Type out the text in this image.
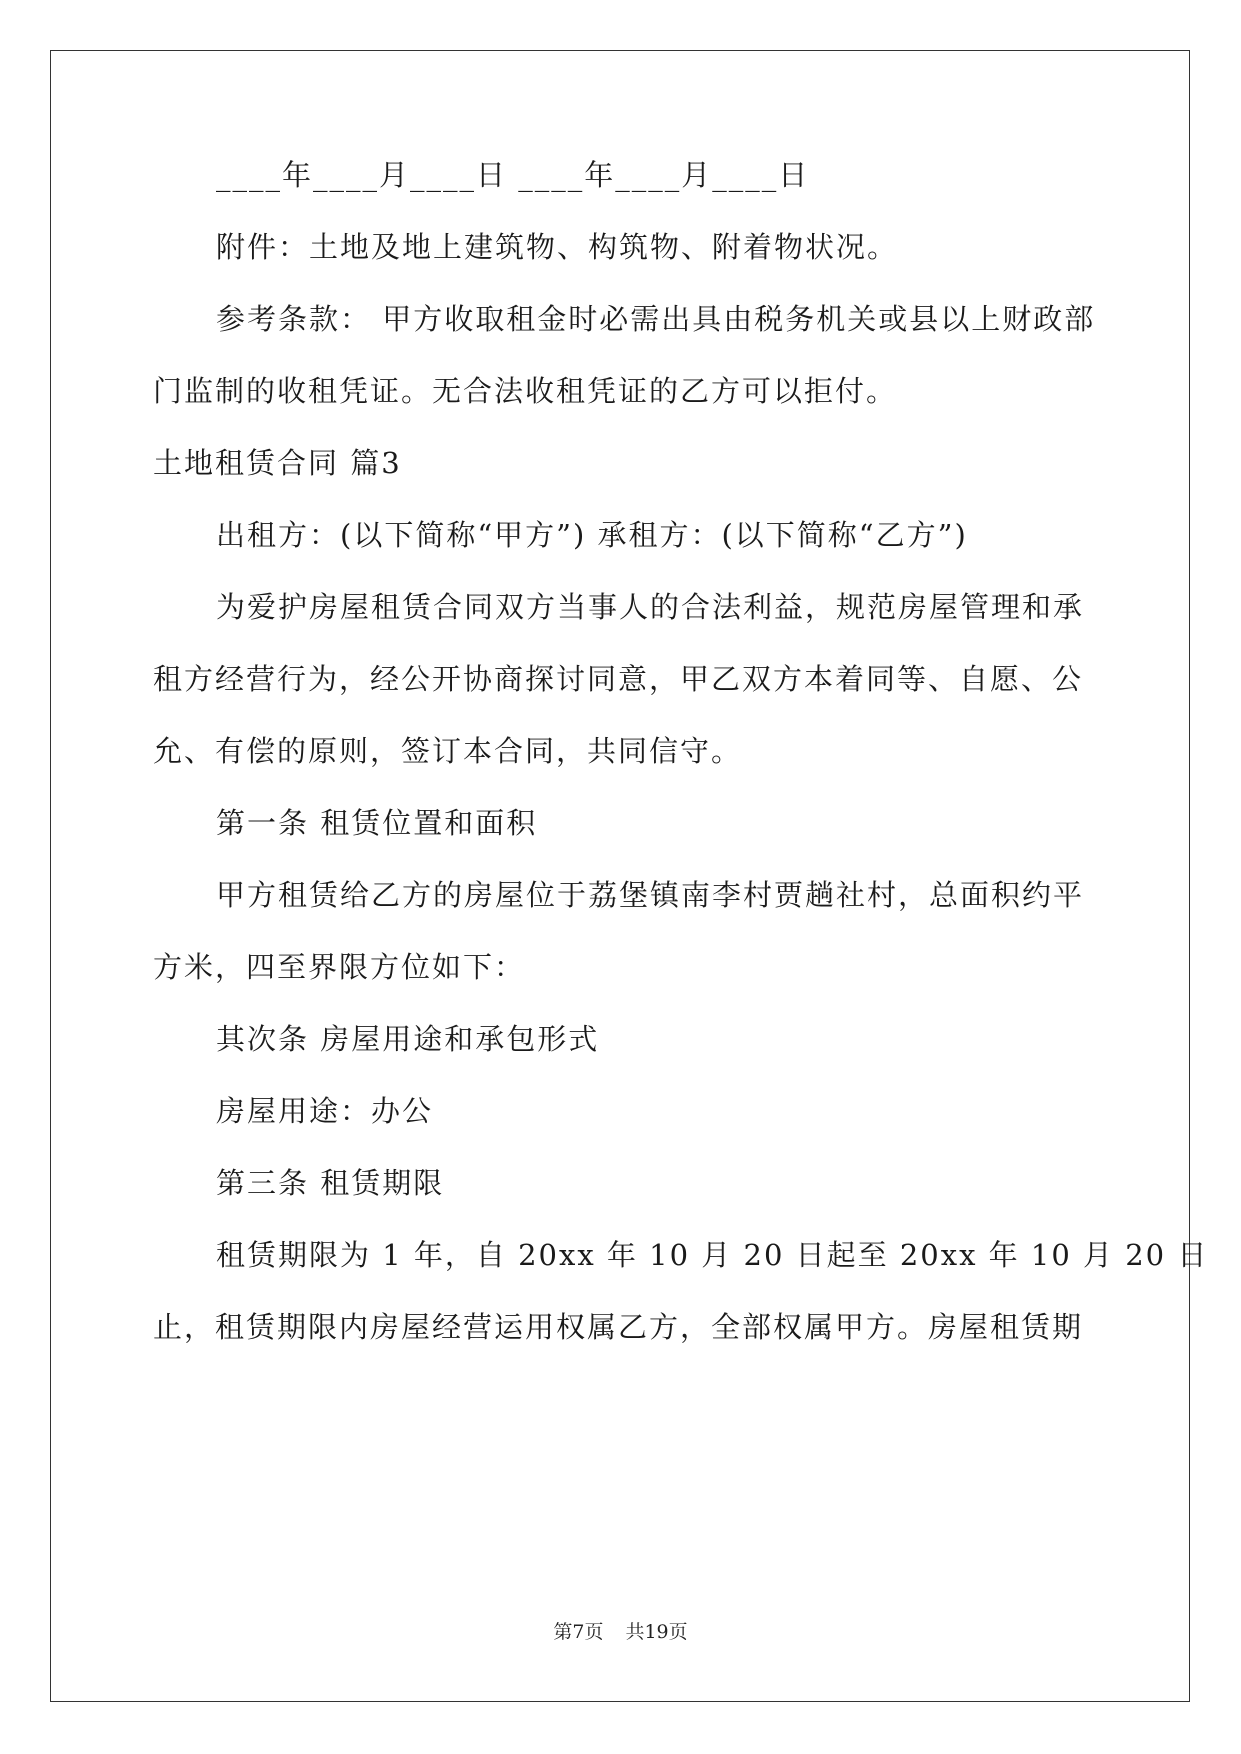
____年____月____日 ____年____月____日
附件：土地及地上建筑物、构筑物、附着物状况。
参考条款： 甲方收取租金时必需出具由税务机关或县以上财政部
门监制的收租凭证。无合法收租凭证的乙方可以拒付。
土地租赁合同 篇3
出租方：(以下简称“甲方”) 承租方：(以下简称“乙方”)
为爱护房屋租赁合同双方当事人的合法利益，规范房屋管理和承
租方经营行为，经公开协商探讨同意，甲乙双方本着同等、自愿、公
允、有偿的原则，签订本合同，共同信守。
第一条 租赁位置和面积
甲方租赁给乙方的房屋位于荔堡镇南李村贾趟社村，总面积约平
方米，四至界限方位如下：
其次条 房屋用途和承包形式
房屋用途：办公
第三条 租赁期限
租赁期限为 1 年，自 20xx 年 10 月 20 日起至 20xx 年 10 月 20 日
止，租赁期限内房屋经营运用权属乙方，全部权属甲方。房屋租赁期
第7页 共19页
